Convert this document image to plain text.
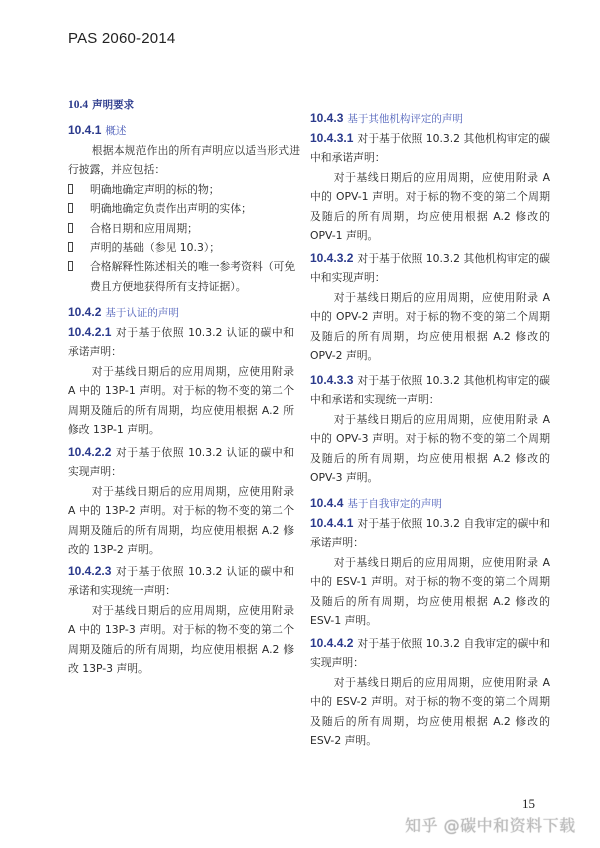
PAS 2060-2014
10.4 声明要求
10.4.1 概述
根据本规范作出的所有声明应以适当形式进行披露，并应包括：
明确地确定声明的标的物；
明确地确定负责作出声明的实体；
合格日期和应用周期；
声明的基础（参见 10.3）；
合格解释性陈述相关的唯一参考资料（可免费且方便地获得所有支持证据）。
10.4.2 基于认证的声明
10.4.2.1 对于基于依照 10.3.2 认证的碳中和承诺声明：
对于基线日期后的应用周期，应使用附录 A 中的 13P-1 声明。对于标的物不变的第二个周期及随后的所有周期，均应使用根据 A.2 所修改 13P-1 声明。
10.4.2.2 对于基于依照 10.3.2 认证的碳中和实现声明：
对于基线日期后的应用周期，应使用附录 A 中的 13P-2 声明。对于标的物不变的第二个周期及随后的所有周期，均应使用根据 A.2 修改的 13P-2 声明。
10.4.2.3 对于基于依照 10.3.2 认证的碳中和承诺和实现统一声明：
对于基线日期后的应用周期，应使用附录 A 中的 13P-3 声明。对于标的物不变的第二个周期及随后的所有周期，均应使用根据 A.2 修改 13P-3 声明。
10.4.3 基于其他机构评定的声明
10.4.3.1 对于基于依照 10.3.2 其他机构审定的碳中和承诺声明：
对于基线日期后的应用周期，应使用附录 A 中的 OPV-1 声明。对于标的物不变的第二个周期及随后的所有周期，均应使用根据 A.2 修改的 OPV-1 声明。
10.4.3.2 对于基于依照 10.3.2 其他机构审定的碳中和实现声明：
对于基线日期后的应用周期，应使用附录 A 中的 OPV-2 声明。对于标的物不变的第二个周期及随后的所有周期，均应使用根据 A.2 修改的 OPV-2 声明。
10.4.3.3 对于基于依照 10.3.2 其他机构审定的碳中和承诺和实现统一声明：
对于基线日期后的应用周期，应使用附录 A 中的 OPV-3 声明。对于标的物不变的第二个周期及随后的所有周期，均应使用根据 A.2 修改的 OPV-3 声明。
10.4.4 基于自我审定的声明
10.4.4.1 对于基于依照 10.3.2 自我审定的碳中和承诺声明：
对于基线日期后的应用周期，应使用附录 A 中的 ESV-1 声明。对于标的物不变的第二个周期及随后的所有周期，均应使用根据 A.2 修改的 ESV-1 声明。
10.4.4.2 对于基于依照 10.3.2 自我审定的碳中和实现声明：
对于基线日期后的应用周期，应使用附录 A 中的 ESV-2 声明。对于标的物不变的第二个周期及随后的所有周期，均应使用根据 A.2 修改的 ESV-2 声明。
15
知乎 @碳中和资料下载
